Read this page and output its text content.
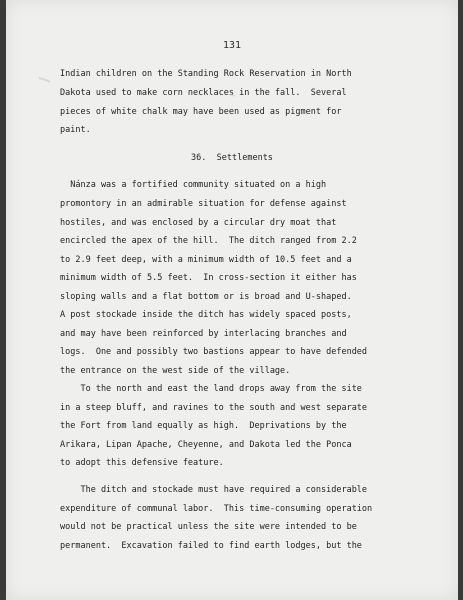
131
Indian children on the Standing Rock Reservation in North
Dakota used to make corn necklaces in the fall.  Several
pieces of white chalk may have been used as pigment for
paint.
36.  Settlements
Nánza was a fortified community situated on a high
promontory in an admirable situation for defense against
hostiles, and was enclosed by a circular dry moat that
encircled the apex of the hill.  The ditch ranged from 2.2
to 2.9 feet deep, with a minimum width of 10.5 feet and a
minimum width of 5.5 feet.  In cross-section it either has
sloping walls and a flat bottom or is broad and U-shaped.
A post stockade inside the ditch has widely spaced posts,
and may have been reinforced by interlacing branches and
logs.  One and possibly two bastions appear to have defended
the entrance on the west side of the village.
To the north and east the land drops away from the site
in a steep bluff, and ravines to the south and west separate
the Fort from land equally as high.  Deprivations by the
Arikara, Lipan Apache, Cheyenne, and Dakota led the Ponca
to adopt this defensive feature.
The ditch and stockade must have required a considerable
expenditure of communal labor.  This time-consuming operation
would not be practical unless the site were intended to be
permanent.  Excavation failed to find earth lodges, but the
